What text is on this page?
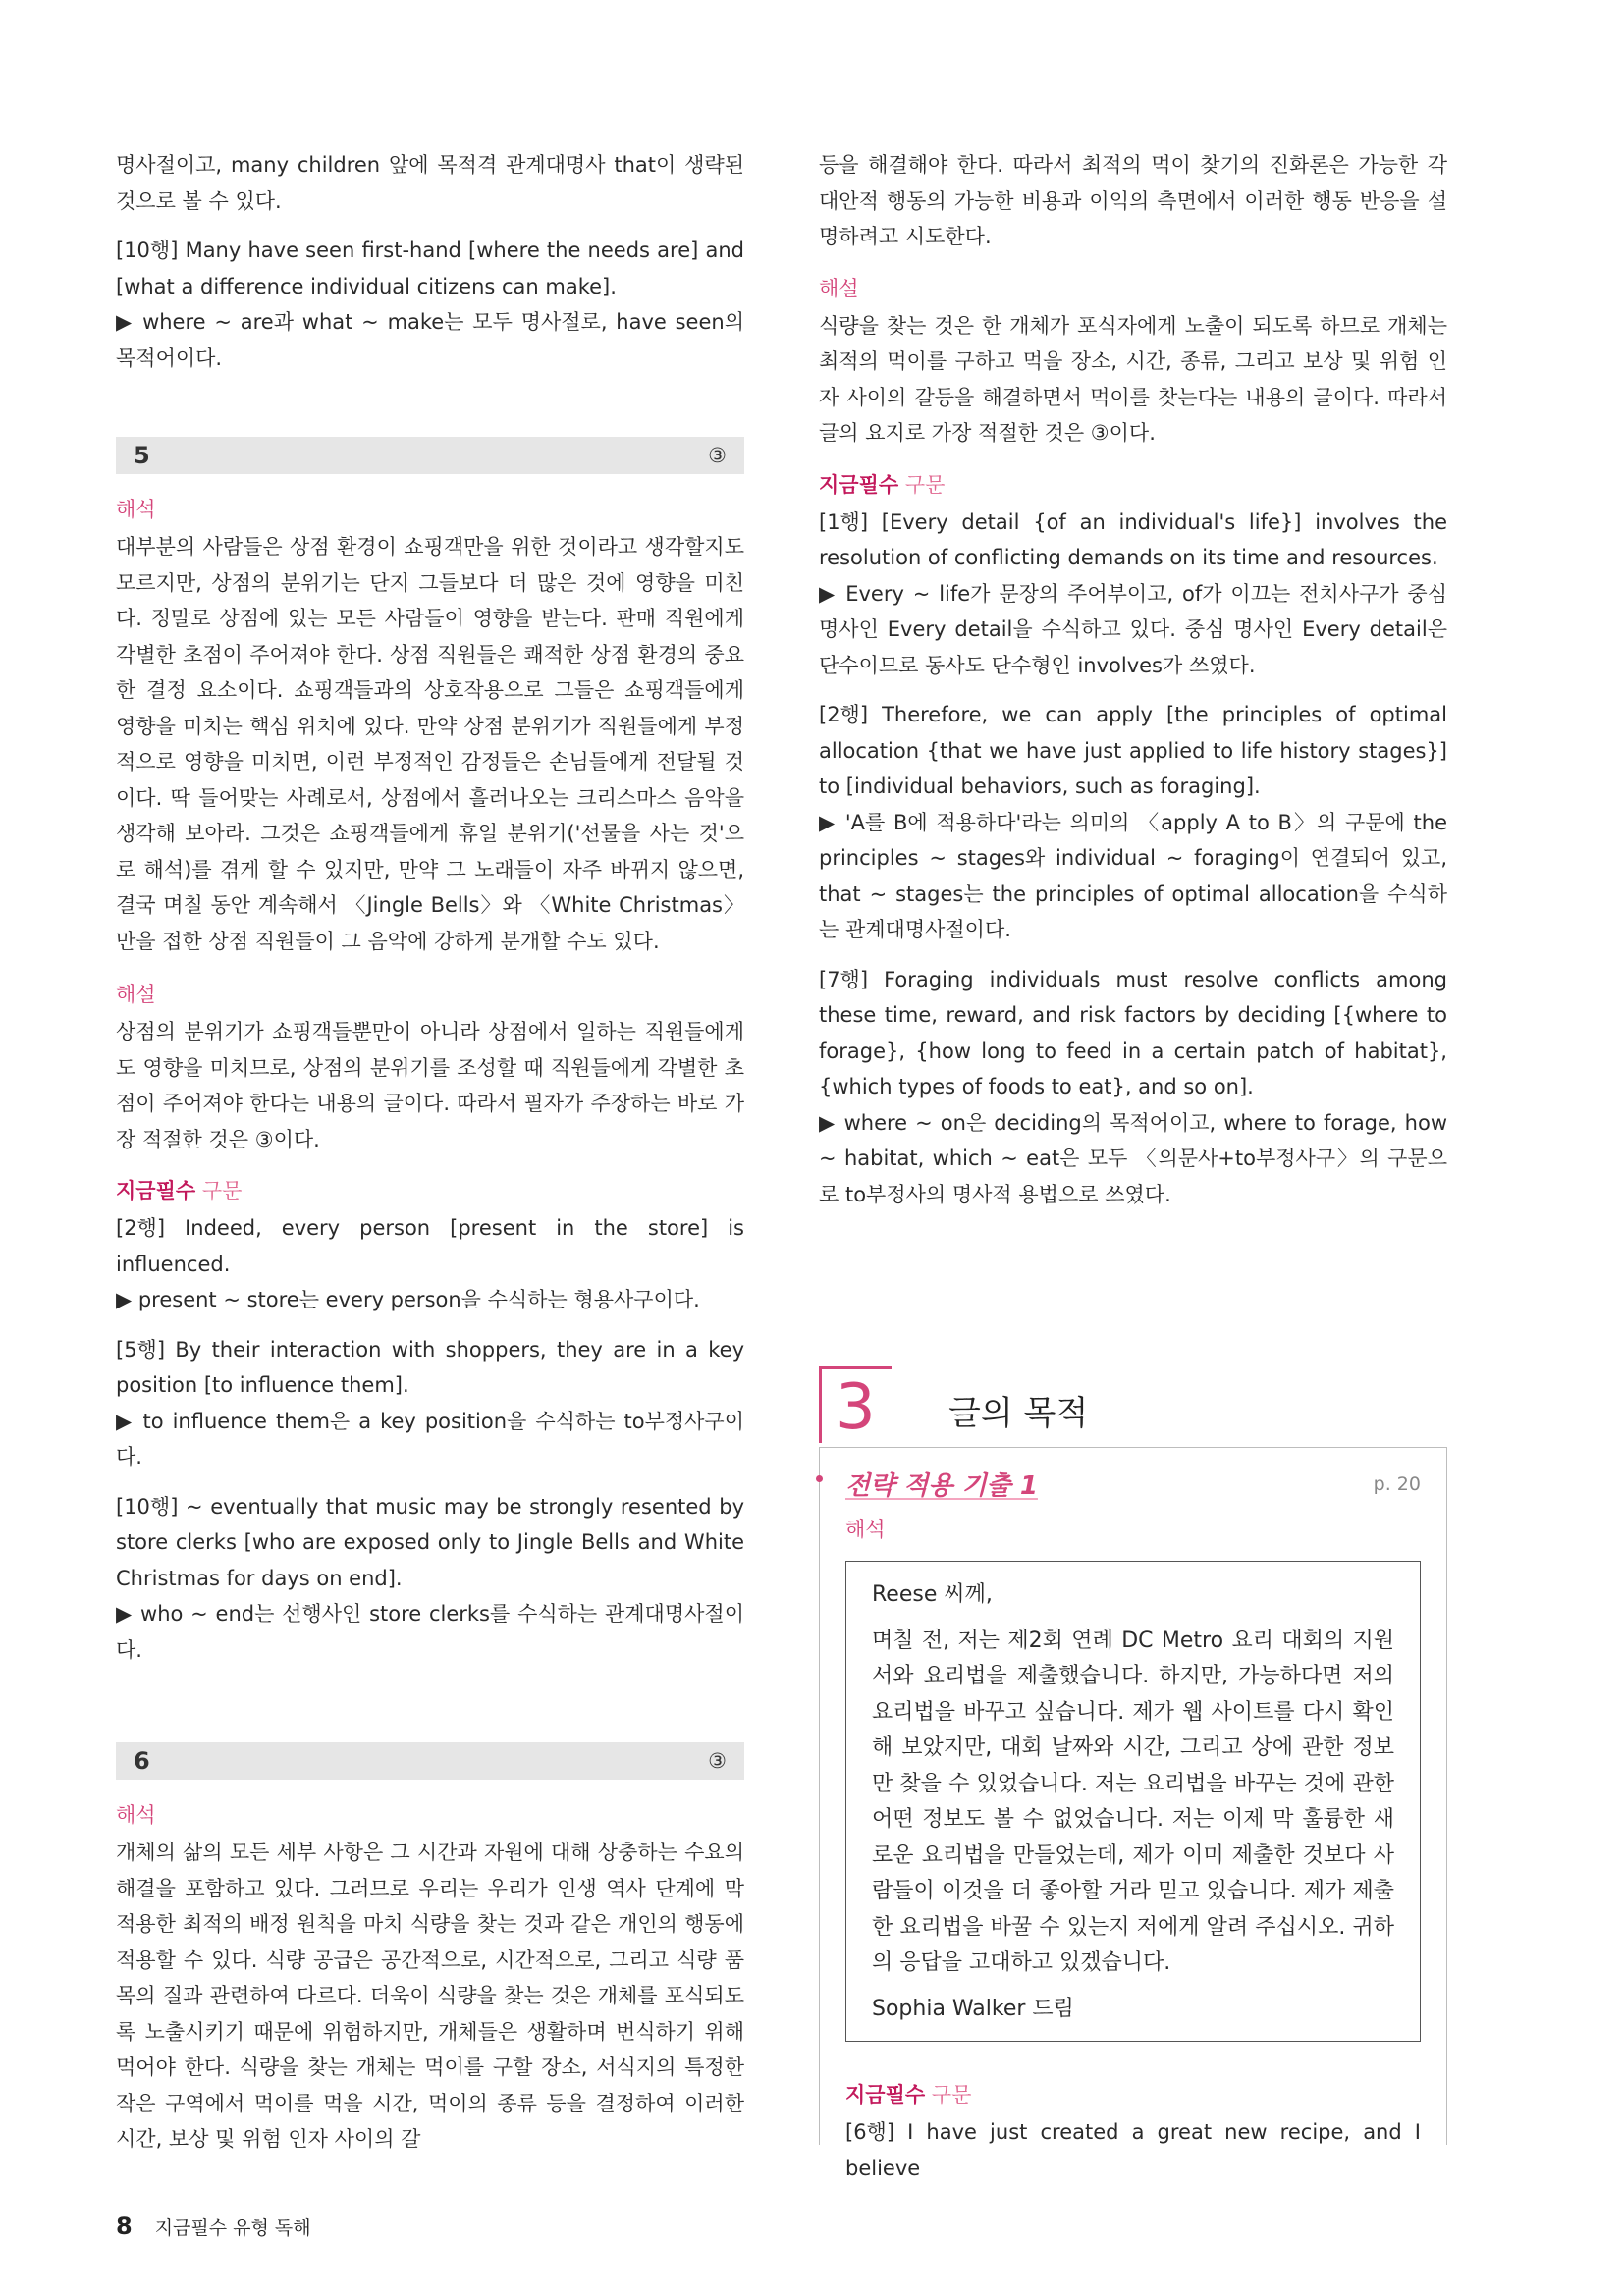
명사절이고, many children 앞에 목적격 관계대명사 that이 생략된 것으로 볼 수 있다.

[10행] Many have seen first-hand [where the needs are] and [what a difference individual citizens can make].

▶ where ~ are과 what ~ make는 모두 명사절로, have seen의 목적어이다.

5	③

해석

대부분의 사람들은 상점 환경이 쇼핑객만을 위한 것이라고 생각할지도 모르지만, 상점의 분위기는 단지 그들보다 더 많은 것에 영향을 미친다. 정말로 상점에 있는 모든 사람들이 영향을 받는다. 판매 직원에게 각별한 초점이 주어져야 한다. 상점 직원들은 쾌적한 상점 환경의 중요한 결정 요소이다. 쇼핑객들과의 상호작용으로 그들은 쇼핑객들에게 영향을 미치는 핵심 위치에 있다. 만약 상점 분위기가 직원들에게 부정적으로 영향을 미치면, 이런 부정적인 감정들은 손님들에게 전달될 것이다. 딱 들어맞는 사례로서, 상점에서 흘러나오는 크리스마스 음악을 생각해 보아라. 그것은 쇼핑객들에게 휴일 분위기('선물을 사는 것'으로 해석)를 겪게 할 수 있지만, 만약 그 노래들이 자주 바뀌지 않으면, 결국 며칠 동안 계속해서 〈Jingle Bells〉와 〈White Christmas〉만을 접한 상점 직원들이 그 음악에 강하게 분개할 수도 있다.

해설

상점의 분위기가 쇼핑객들뿐만이 아니라 상점에서 일하는 직원들에게도 영향을 미치므로, 상점의 분위기를 조성할 때 직원들에게 각별한 초점이 주어져야 한다는 내용의 글이다. 따라서 필자가 주장하는 바로 가장 적절한 것은 ③이다.

지금필수 구문

[2행] Indeed, every person [present in the store] is influenced.

▶ present ~ store는 every person을 수식하는 형용사구이다.

[5행] By their interaction with shoppers, they are in a key position [to influence them].

▶ to influence them은 a key position을 수식하는 to부정사구이다.

[10행] ~ eventually that music may be strongly resented by store clerks [who are exposed only to Jingle Bells and White Christmas for days on end].

▶ who ~ end는 선행사인 store clerks를 수식하는 관계대명사절이다.

6	③

해석

개체의 삶의 모든 세부 사항은 그 시간과 자원에 대해 상충하는 수요의 해결을 포함하고 있다. 그러므로 우리는 우리가 인생 역사 단계에 막 적용한 최적의 배정 원칙을 마치 식량을 찾는 것과 같은 개인의 행동에 적용할 수 있다. 식량 공급은 공간적으로, 시간적으로, 그리고 식량 품목의 질과 관련하여 다르다. 더욱이 식량을 찾는 것은 개체를 포식되도록 노출시키기 때문에 위험하지만, 개체들은 생활하며 번식하기 위해 먹어야 한다. 식량을 찾는 개체는 먹이를 구할 장소, 서식지의 특정한 작은 구역에서 먹이를 먹을 시간, 먹이의 종류 등을 결정하여 이러한 시간, 보상 및 위험 인자 사이의 갈

등을 해결해야 한다. 따라서 최적의 먹이 찾기의 진화론은 가능한 각 대안적 행동의 가능한 비용과 이익의 측면에서 이러한 행동 반응을 설명하려고 시도한다.

해설

식량을 찾는 것은 한 개체가 포식자에게 노출이 되도록 하므로 개체는 최적의 먹이를 구하고 먹을 장소, 시간, 종류, 그리고 보상 및 위험 인자 사이의 갈등을 해결하면서 먹이를 찾는다는 내용의 글이다. 따라서 글의 요지로 가장 적절한 것은 ③이다.

지금필수 구문

[1행] [Every detail {of an individual's life}] involves the resolution of conflicting demands on its time and resources.

▶ Every ~ life가 문장의 주어부이고, of가 이끄는 전치사구가 중심 명사인 Every detail을 수식하고 있다. 중심 명사인 Every detail은 단수이므로 동사도 단수형인 involves가 쓰였다.

[2행] Therefore, we can apply [the principles of optimal allocation {that we have just applied to life history stages}] to [individual behaviors, such as foraging].

▶ 'A를 B에 적용하다'라는 의미의 〈apply A to B〉의 구문에 the principles ~ stages와 individual ~ foraging이 연결되어 있고, that ~ stages는 the principles of optimal allocation을 수식하는 관계대명사절이다.

[7행] Foraging individuals must resolve conflicts among these time, reward, and risk factors by deciding [{where to forage}, {how long to feed in a certain patch of habitat}, {which types of foods to eat}, and so on].

▶ where ~ on은 deciding의 목적어이고, where to forage, how ~ habitat, which ~ eat은 모두 〈의문사+to부정사구〉의 구문으로 to부정사의 명사적 용법으로 쓰였다.

3	글의 목적
전략 적용 기출 1	p. 20

해석

Reese 씨께,

며칠 전, 저는 제2회 연례 DC Metro 요리 대회의 지원서와 요리법을 제출했습니다. 하지만, 가능하다면 저의 요리법을 바꾸고 싶습니다. 제가 웹 사이트를 다시 확인해 보았지만, 대회 날짜와 시간, 그리고 상에 관한 정보만 찾을 수 있었습니다. 저는 요리법을 바꾸는 것에 관한 어떤 정보도 볼 수 없었습니다. 저는 이제 막 훌륭한 새로운 요리법을 만들었는데, 제가 이미 제출한 것보다 사람들이 이것을 더 좋아할 거라 믿고 있습니다. 제가 제출한 요리법을 바꿀 수 있는지 저에게 알려 주십시오. 귀하의 응답을 고대하고 있겠습니다.

Sophia Walker 드림

지금필수 구문

[6행] I have just created a great new recipe, and I believe

8 지금필수 유형 독해
